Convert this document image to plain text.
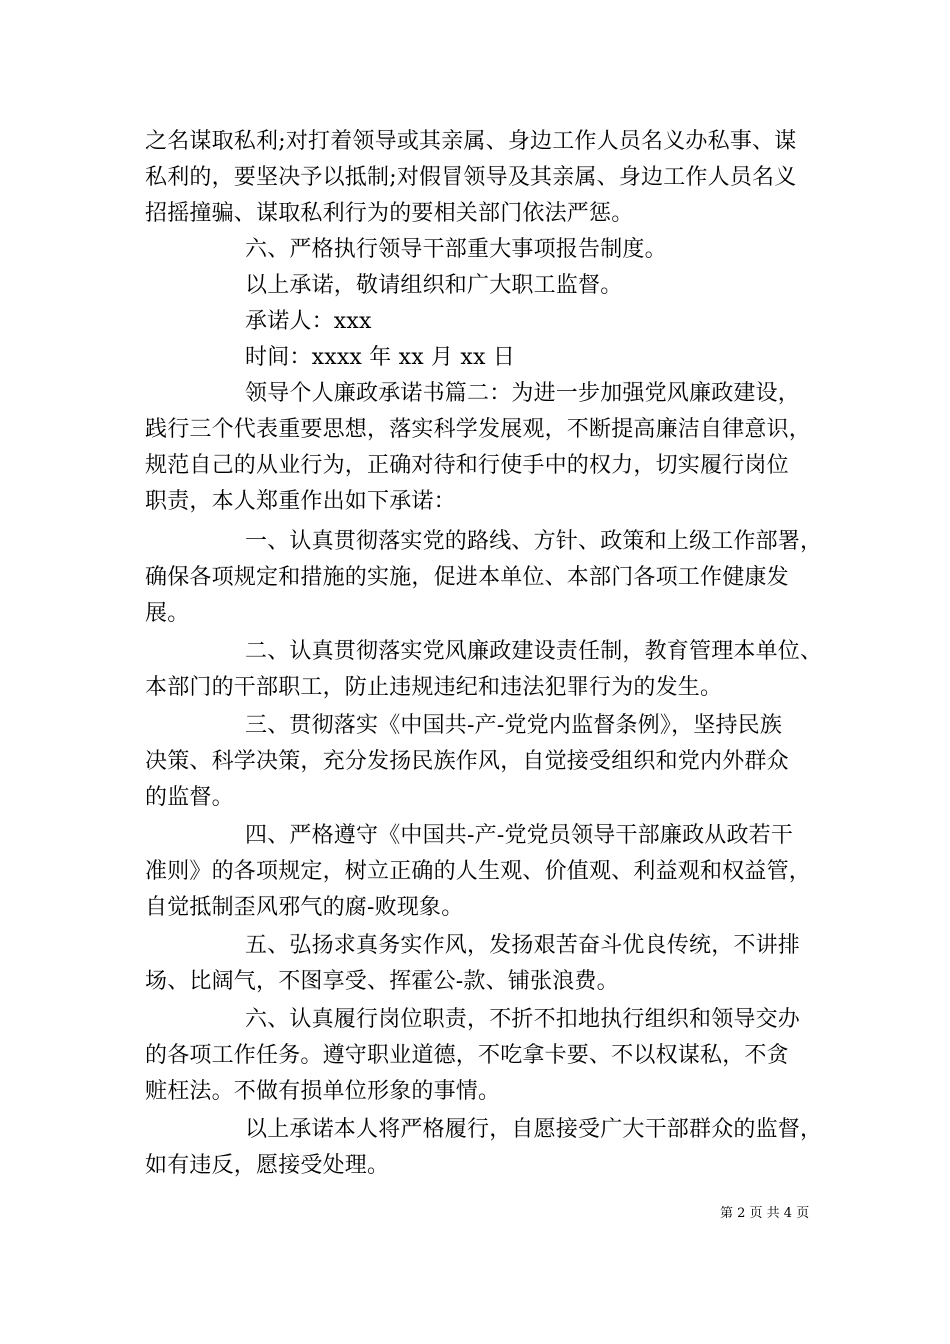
之名谋取私利;对打着领导或其亲属、身边工作人员名义办私事、谋
私利的，要坚决予以抵制;对假冒领导及其亲属、身边工作人员名义
招摇撞骗、谋取私利行为的要相关部门依法严惩。
六、严格执行领导干部重大事项报告制度。
以上承诺，敬请组织和广大职工监督。
承诺人：xxx
时间：xxxx 年 xx 月 xx 日
领导个人廉政承诺书篇二：为进一步加强党风廉政建设，
践行三个代表重要思想，落实科学发展观，不断提高廉洁自律意识，
规范自己的从业行为，正确对待和行使手中的权力，切实履行岗位
职责，本人郑重作出如下承诺：
一、认真贯彻落实党的路线、方针、政策和上级工作部署，
确保各项规定和措施的实施，促进本单位、本部门各项工作健康发
展。
二、认真贯彻落实党风廉政建设责任制，教育管理本单位、
本部门的干部职工，防止违规违纪和违法犯罪行为的发生。
三、贯彻落实《中国共-产-党党内监督条例》，坚持民族
决策、科学决策，充分发扬民族作风，自觉接受组织和党内外群众
的监督。
四、严格遵守《中国共-产-党党员领导干部廉政从政若干
准则》的各项规定，树立正确的人生观、价值观、利益观和权益管，
自觉抵制歪风邪气的腐-败现象。
五、弘扬求真务实作风，发扬艰苦奋斗优良传统，不讲排
场、比阔气，不图享受、挥霍公-款、铺张浪费。
六、认真履行岗位职责，不折不扣地执行组织和领导交办
的各项工作任务。遵守职业道德，不吃拿卡要、不以权谋私，不贪
赃枉法。不做有损单位形象的事情。
以上承诺本人将严格履行，自愿接受广大干部群众的监督，
如有违反，愿接受处理。
第 2 页 共 4 页
